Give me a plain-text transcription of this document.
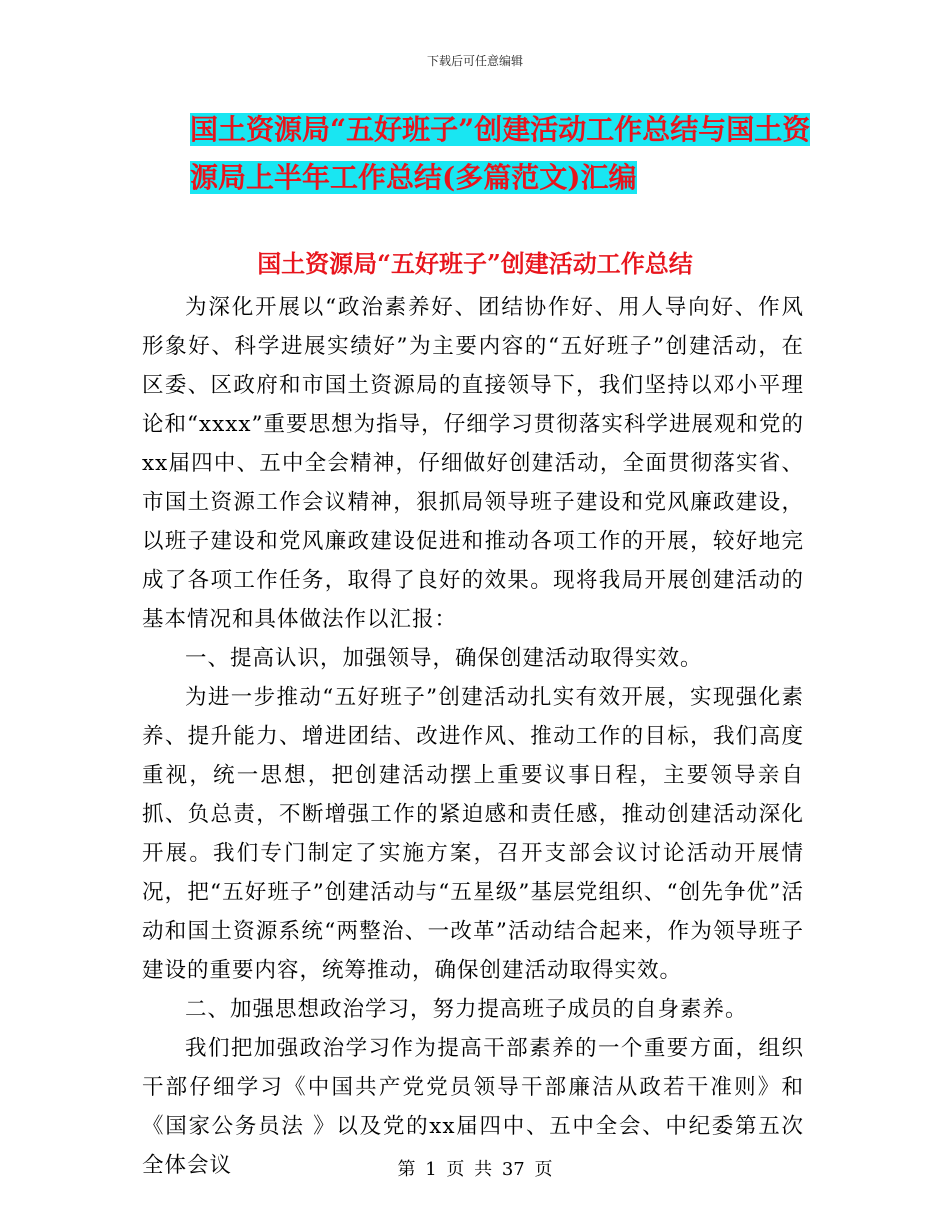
下载后可任意编辑
国土资源局“五好班子”创建活动工作总结与国土资
源局上半年工作总结(多篇范文)汇编
国土资源局“五好班子”创建活动工作总结

为深化开展以“政治素养好、团结协作好、用人导向好、作风形象好、科学进展实绩好”为主要内容的“五好班子”创建活动，在区委、区政府和市国土资源局的直接领导下，我们坚持以邓小平理论和“xxxx”重要思想为指导，仔细学习贯彻落实科学进展观和党的xx届四中、五中全会精神，仔细做好创建活动，全面贯彻落实省、市国土资源工作会议精神，狠抓局领导班子建设和党风廉政建设，以班子建设和党风廉政建设促进和推动各项工作的开展，较好地完成了各项工作任务，取得了良好的效果。现将我局开展创建活动的基本情况和具体做法作以汇报：

一、提高认识，加强领导，确保创建活动取得实效。

为进一步推动“五好班子”创建活动扎实有效开展，实现强化素养、提升能力、增进团结、改进作风、推动工作的目标，我们高度重视，统一思想，把创建活动摆上重要议事日程，主要领导亲自抓、负总责，不断增强工作的紧迫感和责任感，推动创建活动深化开展。我们专门制定了实施方案，召开支部会议讨论活动开展情况，把“五好班子”创建活动与“五星级”基层党组织、“创先争优”活动和国土资源系统“两整治、一改革”活动结合起来，作为领导班子建设的重要内容，统筹推动，确保创建活动取得实效。

二、加强思想政治学习，努力提高班子成员的自身素养。

我们把加强政治学习作为提高干部素养的一个重要方面，组织干部仔细学习《中国共产党党员领导干部廉洁从政若干准则》和《国家公务员法 》以及党的xx届四中、五中全会、中纪委第五次全体会议	第 1 页 共 37 页
